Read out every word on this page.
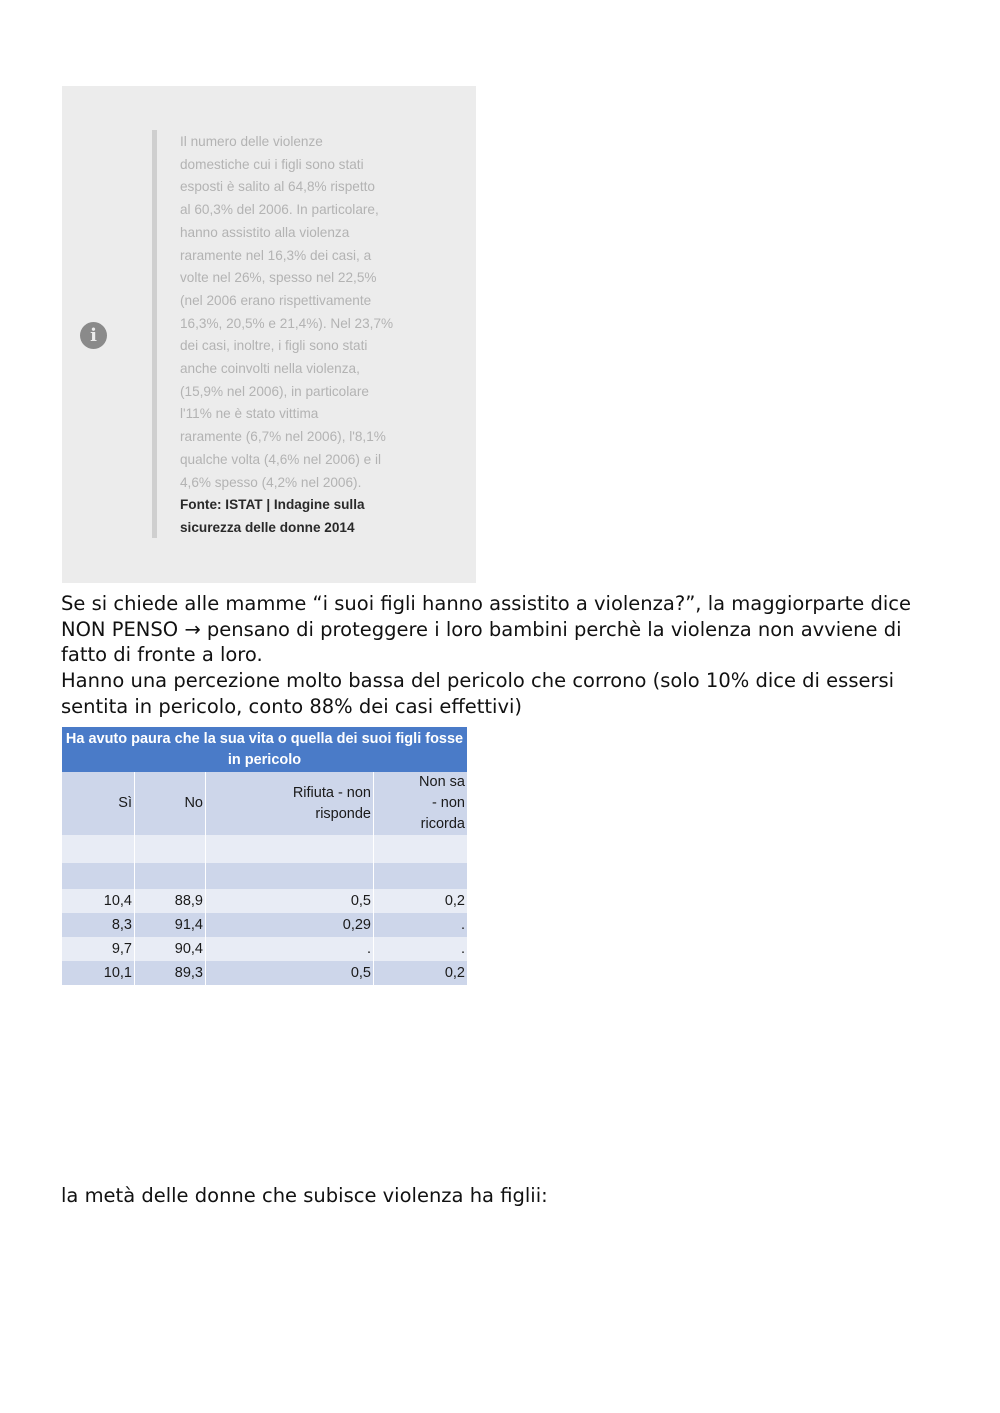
i
Il numero delle violenze
domestiche cui i figli sono stati
esposti è salito al 64,8% rispetto
al 60,3% del 2006. In particolare,
hanno assistito alla violenza
raramente nel 16,3% dei casi, a
volte nel 26%, spesso nel 22,5%
(nel 2006 erano rispettivamente
16,3%, 20,5% e 21,4%). Nel 23,7%
dei casi, inoltre, i figli sono stati
anche coinvolti nella violenza,
(15,9% nel 2006), in particolare
l'11% ne è stato vittima
raramente (6,7% nel 2006), l'8,1%
qualche volta (4,6% nel 2006) e il
4,6% spesso (4,2% nel 2006).
Fonte: ISTAT | Indagine sulla
sicurezza delle donne 2014

Se si chiede alle mamme “i suoi figli hanno assistito a violenza?”, la maggiorparte dice NON PENSO → pensano di proteggere i loro bambini perchè la violenza non avviene di fatto di fronte a loro.

Hanno una percezione molto bassa del pericolo che corrono (solo 10% dice di essersi sentita in pericolo, conto 88% dei casi effettivi)

Ha avuto paura che la sua vita o quella dei suoi figli fosse in pericolo			
Sì	No	Rifiuta - non risponde	Non sa - non ricorda

10,4	88,9	0,5	0,2
8,3	91,4	0,29	.
9,7	90,4	.	.
10,1	89,3	0,5	0,2

la metà delle donne che subisce violenza ha figlii:
